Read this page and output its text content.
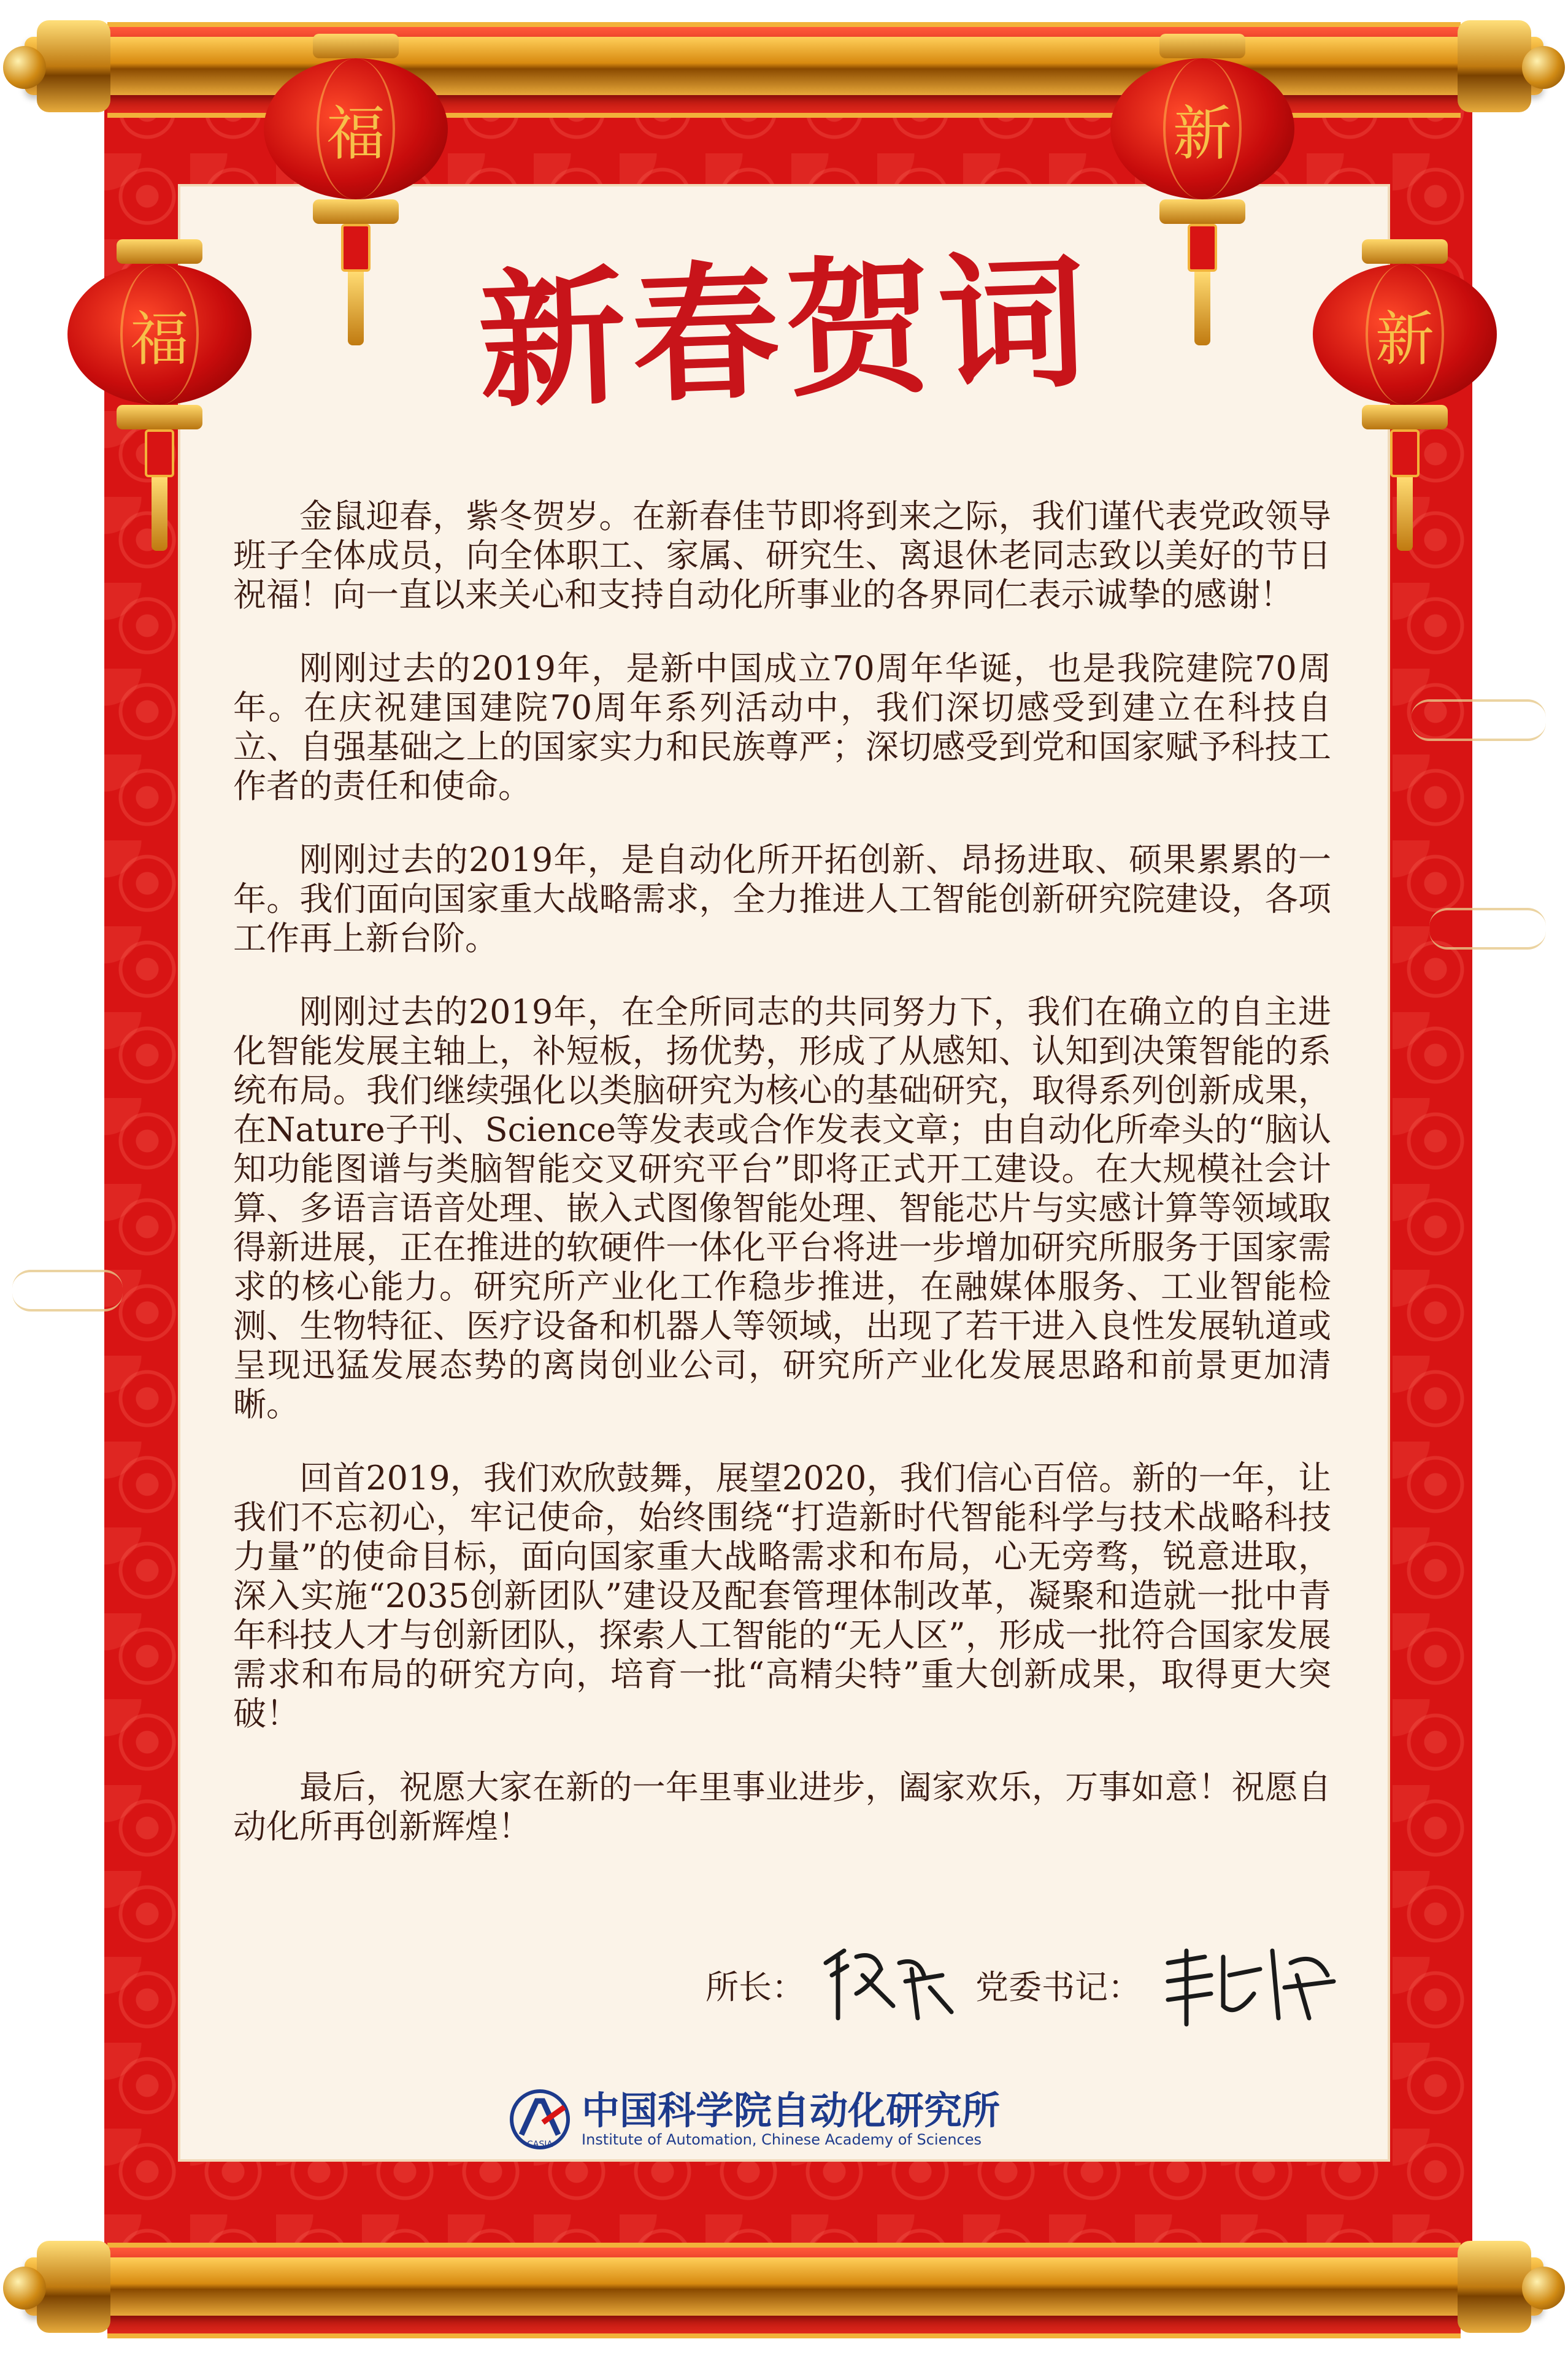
福	新
福	新
新春贺词

金鼠迎春，紫冬贺岁。在新春佳节即将到来之际，我们谨代表党政领导班子全体成员，向全体职工、家属、研究生、离退休老同志致以美好的节日祝福！向一直以来关心和支持自动化所事业的各界同仁表示诚挚的感谢！

刚刚过去的2019年，是新中国成立70周年华诞，也是我院建院70周年。在庆祝建国建院70周年系列活动中，我们深切感受到建立在科技自立、自强基础之上的国家实力和民族尊严；深切感受到党和国家赋予科技工作者的责任和使命。

刚刚过去的2019年，是自动化所开拓创新、昂扬进取、硕果累累的一年。我们面向国家重大战略需求，全力推进人工智能创新研究院建设，各项工作再上新台阶。

刚刚过去的2019年，在全所同志的共同努力下，我们在确立的自主进化智能发展主轴上，补短板，扬优势，形成了从感知、认知到决策智能的系统布局。我们继续强化以类脑研究为核心的基础研究，取得系列创新成果，在Nature子刊、Science等发表或合作发表文章；由自动化所牵头的“脑认知功能图谱与类脑智能交叉研究平台”即将正式开工建设。在大规模社会计算、多语言语音处理、嵌入式图像智能处理、智能芯片与实感计算等领域取得新进展，正在推进的软硬件一体化平台将进一步增加研究所服务于国家需求的核心能力。研究所产业化工作稳步推进，在融媒体服务、工业智能检测、生物特征、医疗设备和机器人等领域，出现了若干进入良性发展轨道或呈现迅猛发展态势的离岗创业公司，研究所产业化发展思路和前景更加清晰。

回首2019，我们欢欣鼓舞，展望2020，我们信心百倍。新的一年，让我们不忘初心，牢记使命，始终围绕“打造新时代智能科学与技术战略科技力量”的使命目标，面向国家重大战略需求和布局，心无旁骛，锐意进取，深入实施“2035创新团队”建设及配套管理体制改革，凝聚和造就一批中青年科技人才与创新团队，探索人工智能的“无人区”，形成一批符合国家发展需求和布局的研究方向，培育一批“高精尖特”重大创新成果，取得更大突破！

最后，祝愿大家在新的一年里事业进步，阖家欢乐，万事如意！祝愿自动化所再创新辉煌！

所长：	党委书记：
CASIA
中国科学院自动化研究所
Institute of Automation, Chinese Academy of Sciences
